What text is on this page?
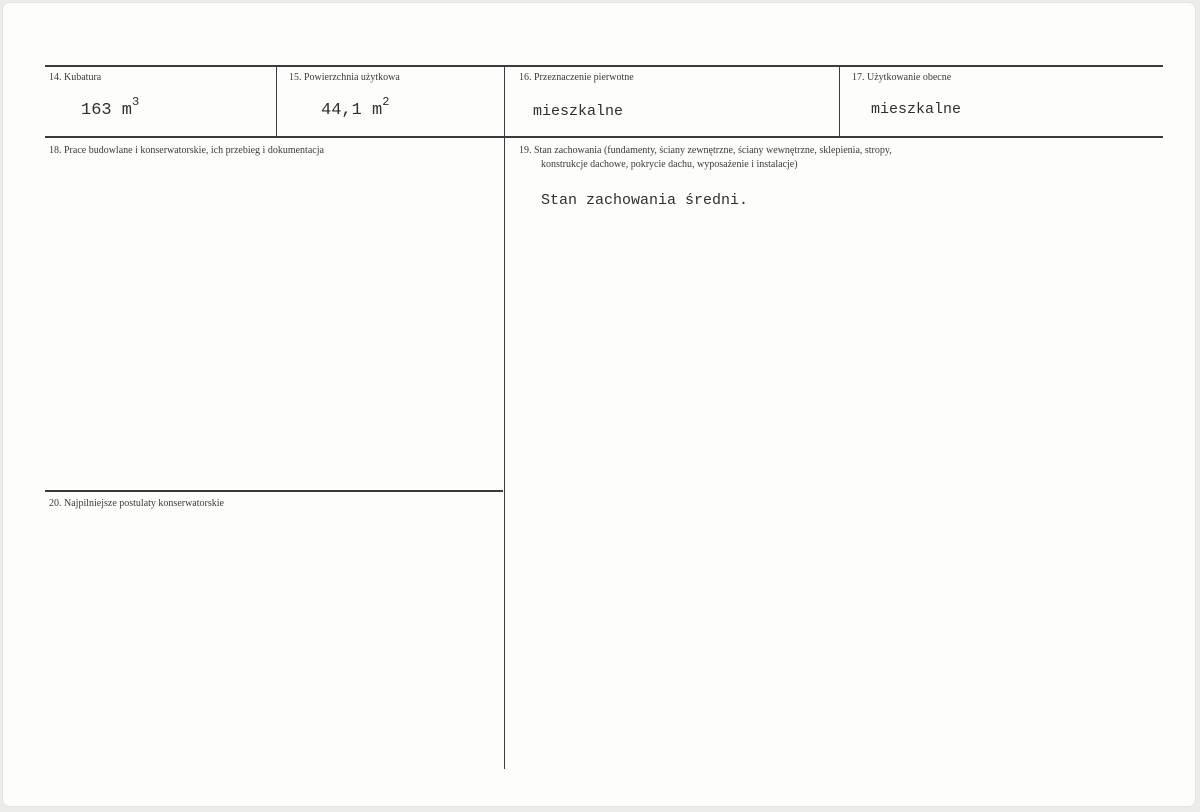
14. Kubatura
163 $m^3$
15. Powierzchnia użytkowa
44,1 $m^2$
16. Przeznaczenie pierwotne
mieszkalne
17. Użytkowanie obecne
mieszkalne
18. Prace budowlane i konserwatorskie, ich przebieg i dokumentacja	19. Stan zachowania (fundamenty, ściany zewnętrzne, ściany wewnętrzne, sklepienia, stropy,
konstrukcje dachowe, pokrycie dachu, wyposażenie i instalacje)
Stan zachowania średni.
20. Najpilniejsze postulaty konserwatorskie
